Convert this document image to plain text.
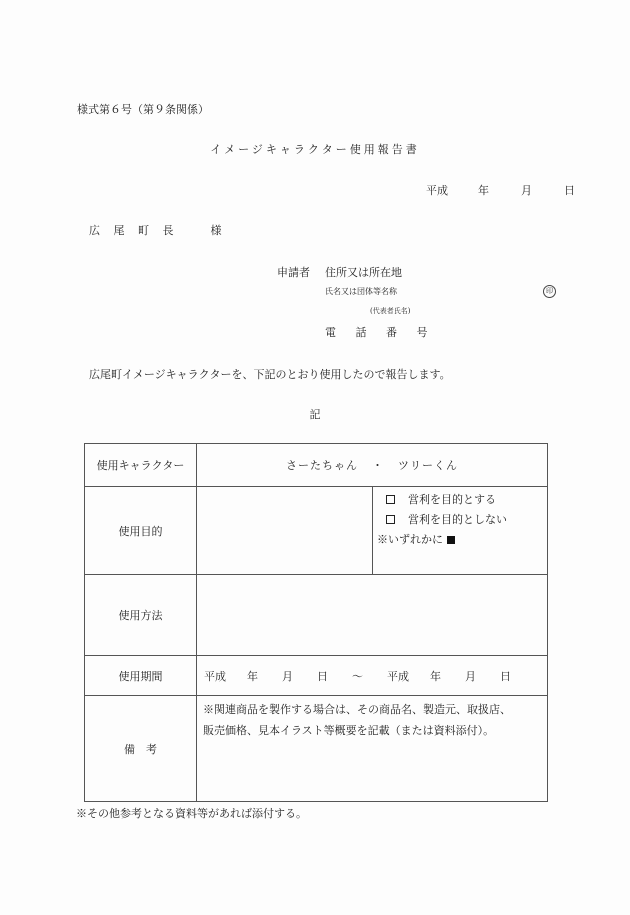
様式第６号（第９条関係）
イメージキャラクター使用報告書
平成	年	月	日
広 尾 町 長　　様
申請者 住所又は所在地
氏名又は団体等名称	印
(代表者氏名)
電 話 番 号
広尾町イメージキャラクターを、下記のとおり使用したので報告します。
記
使用キャラクター	さーたちゃん ・ ツリーくん	
使用目的		営利を目的とする
営利を目的としない
※いずれかに

使用方法		
使用期間	平成 年 月 日 ～ 平成 年 月 日	
備　考	※関連商品を製作する場合は、その商品名、製造元、取扱店、
販売価格、見本イラスト等概要を記載（または資料添付）。	
※その他参考となる資料等があれば添付する。
